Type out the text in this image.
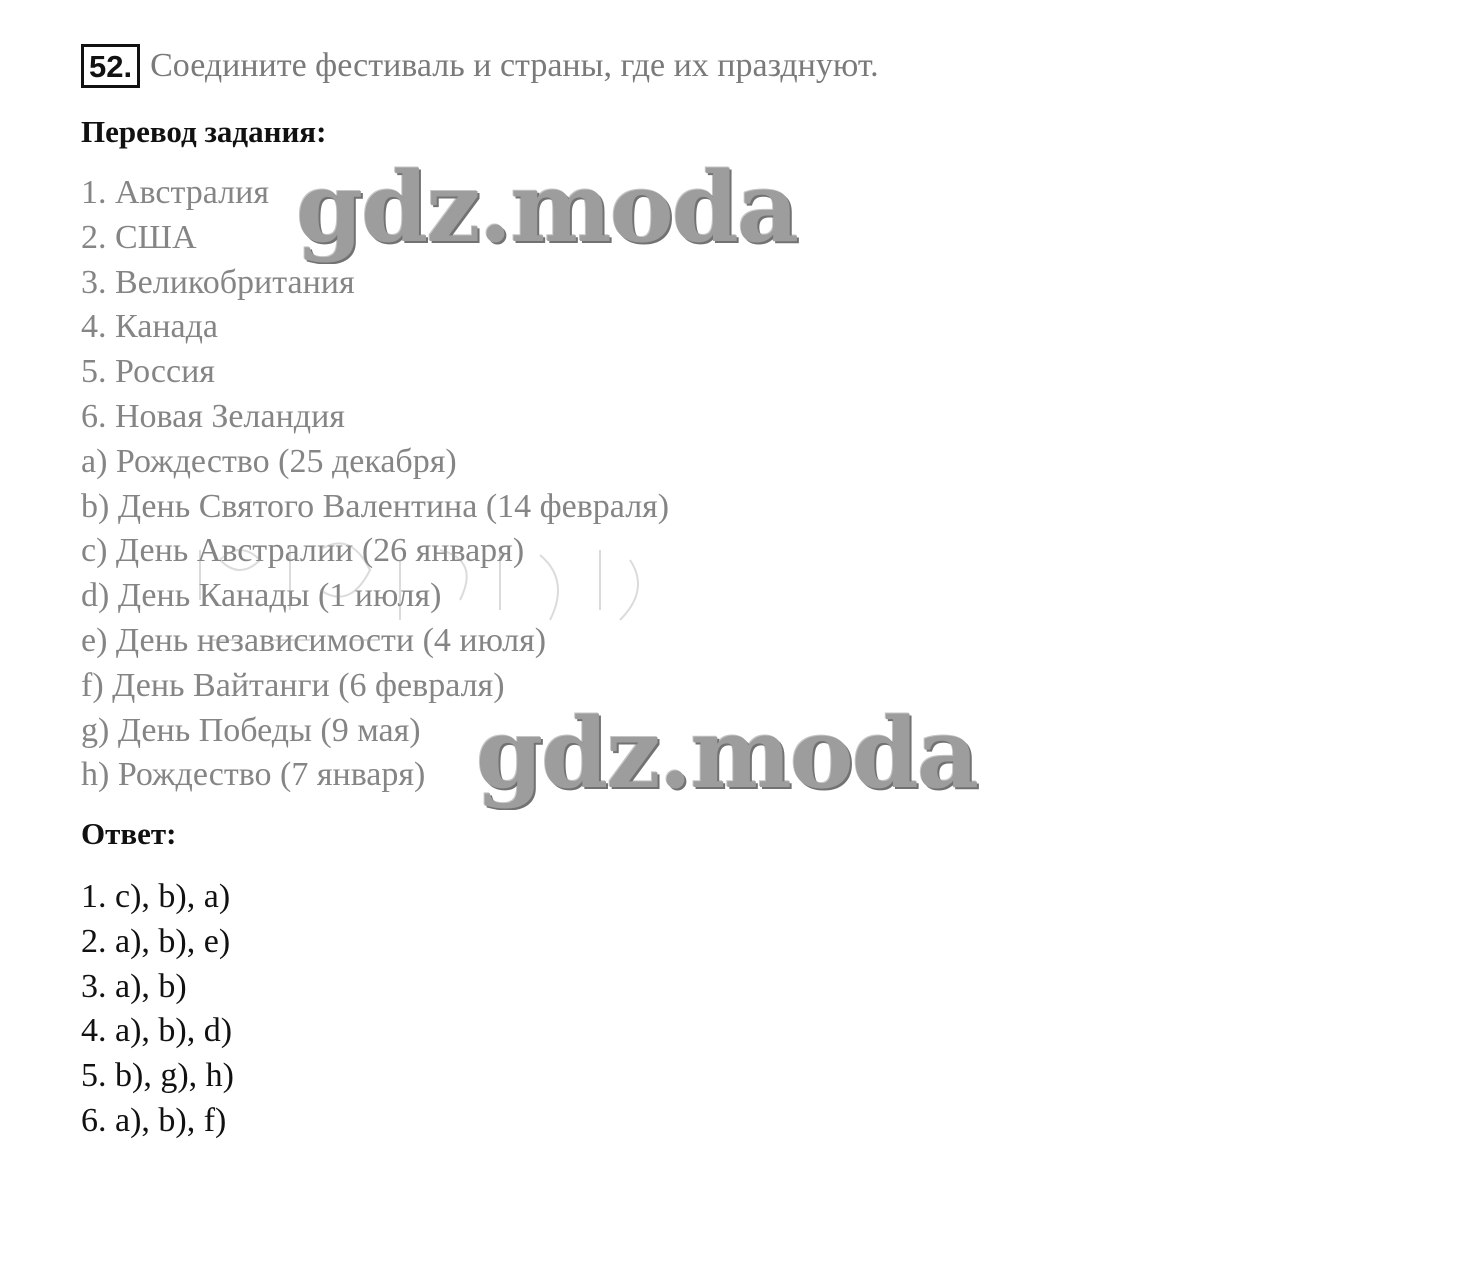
52. Соедините фестиваль и страны, где их празднуют.
Перевод задания:
1. Австралия
2. США
3. Великобритания
4. Канада
5. Россия
6. Новая Зеландия
a) Рождество (25 декабря)
b) День Святого Валентина (14 февраля)
c) День Австралии (26 января)
d) День Канады (1 июля)
e) День независимости (4 июля)
f) День Вайтанги (6 февраля)
g) День Победы (9 мая)
h) Рождество (7 января)
Ответ:
1. c), b), a)
2. a), b), e)
3. a), b)
4. a), b), d)
5. b), g), h)
6. a), b), f)
gdz.moda
gdz.moda
